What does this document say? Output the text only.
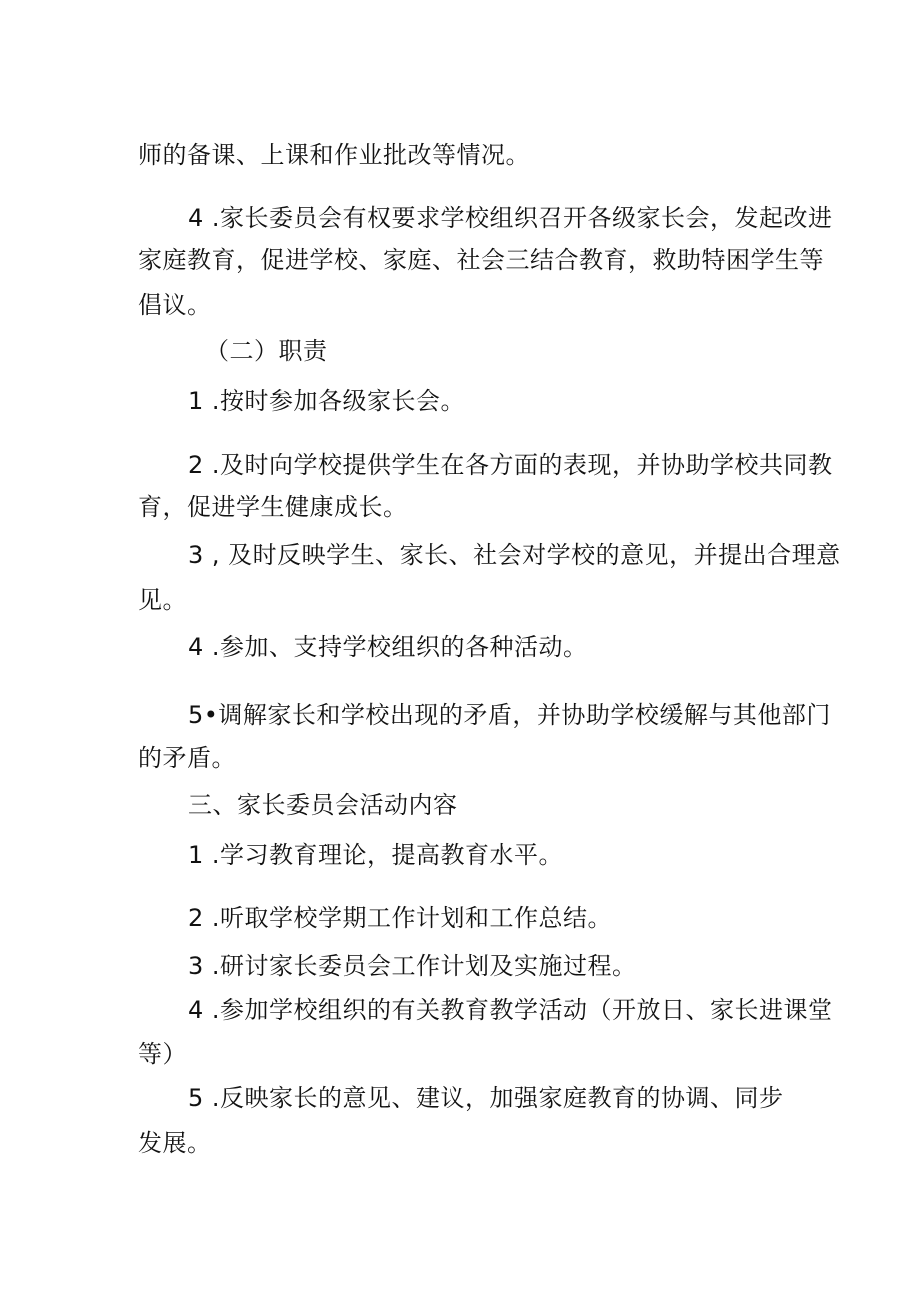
师的备课、上课和作业批改等情况。
4 .家长委员会有权要求学校组织召开各级家长会，发起改进
家庭教育，促进学校、家庭、社会三结合教育，救助特困学生等
倡议。
（二）职责
1 .按时参加各级家长会。
2 .及时向学校提供学生在各方面的表现，并协助学校共同教
育，促进学生健康成长。
3 , 及时反映学生、家长、社会对学校的意见，并提出合理意
见。
4 .参加、支持学校组织的各种活动。
5•调解家长和学校出现的矛盾，并协助学校缓解与其他部门
的矛盾。
三、家长委员会活动内容
1 .学习教育理论，提高教育水平。
2 .听取学校学期工作计划和工作总结。
3 .研讨家长委员会工作计划及实施过程。
4 .参加学校组织的有关教育教学活动（开放日、家长进课堂
等）
5 .反映家长的意见、建议，加强家庭教育的协调、同步
发展。
